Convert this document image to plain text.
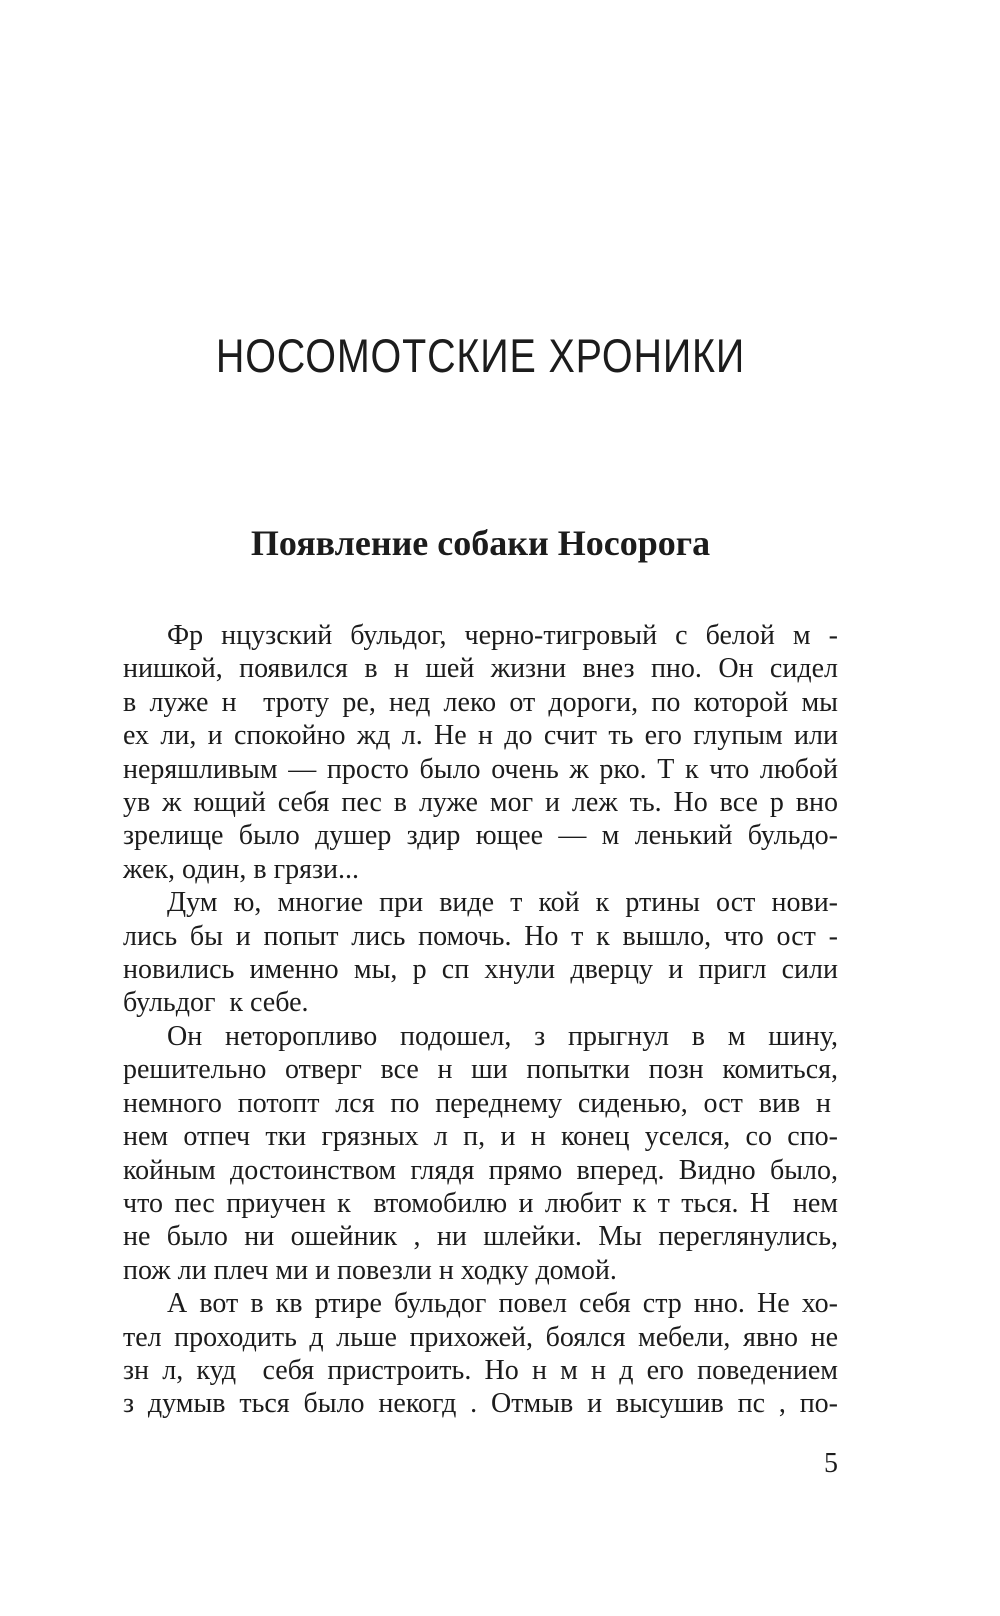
НОСОМОТСКИЕ ХРОНИКИ
Появление собаки Носорога
Фр нцузский бульдог, черно-тигровый с белой м -
нишкой, появился в н шей жизни внез пно. Он сидел
в луже н  троту ре, нед леко от дороги, по которой мы
ех ли, и спокойно жд л. Не н до счит ть его глупым или
неряшливым — просто было очень ж рко. Т к что любой
ув ж ющий себя пес в луже мог и леж ть. Но все р вно
зрелище было душер здир ющее — м ленький бульдо-
жек, один, в грязи...
Дум ю, многие при виде т кой к ртины ост нови-
лись бы и попыт лись помочь. Но т к вышло, что ост -
новились именно мы, р сп хнули дверцу и пригл сили
бульдог  к себе.
Он неторопливо подошел, з прыгнул в м шину,
решительно отверг все н ши попытки позн комиться,
немного потопт лся по переднему сиденью, ост вив н
нем отпеч тки грязных л п, и н конец уселся, со спо-
койным достоинством глядя прямо вперед. Видно было,
что пес приучен к  втомобилю и любит к т ться. Н  нем
не было ни ошейник , ни шлейки. Мы переглянулись,
пож ли плеч ми и повезли н ходку домой.
А вот в кв ртире бульдог повел себя стр нно. Не хо-
тел проходить д льше прихожей, боялся мебели, явно не
зн л, куд  себя пристроить. Но н м н д его поведением
з думыв ться было некогд . Отмыв и высушив пс , по-
5
